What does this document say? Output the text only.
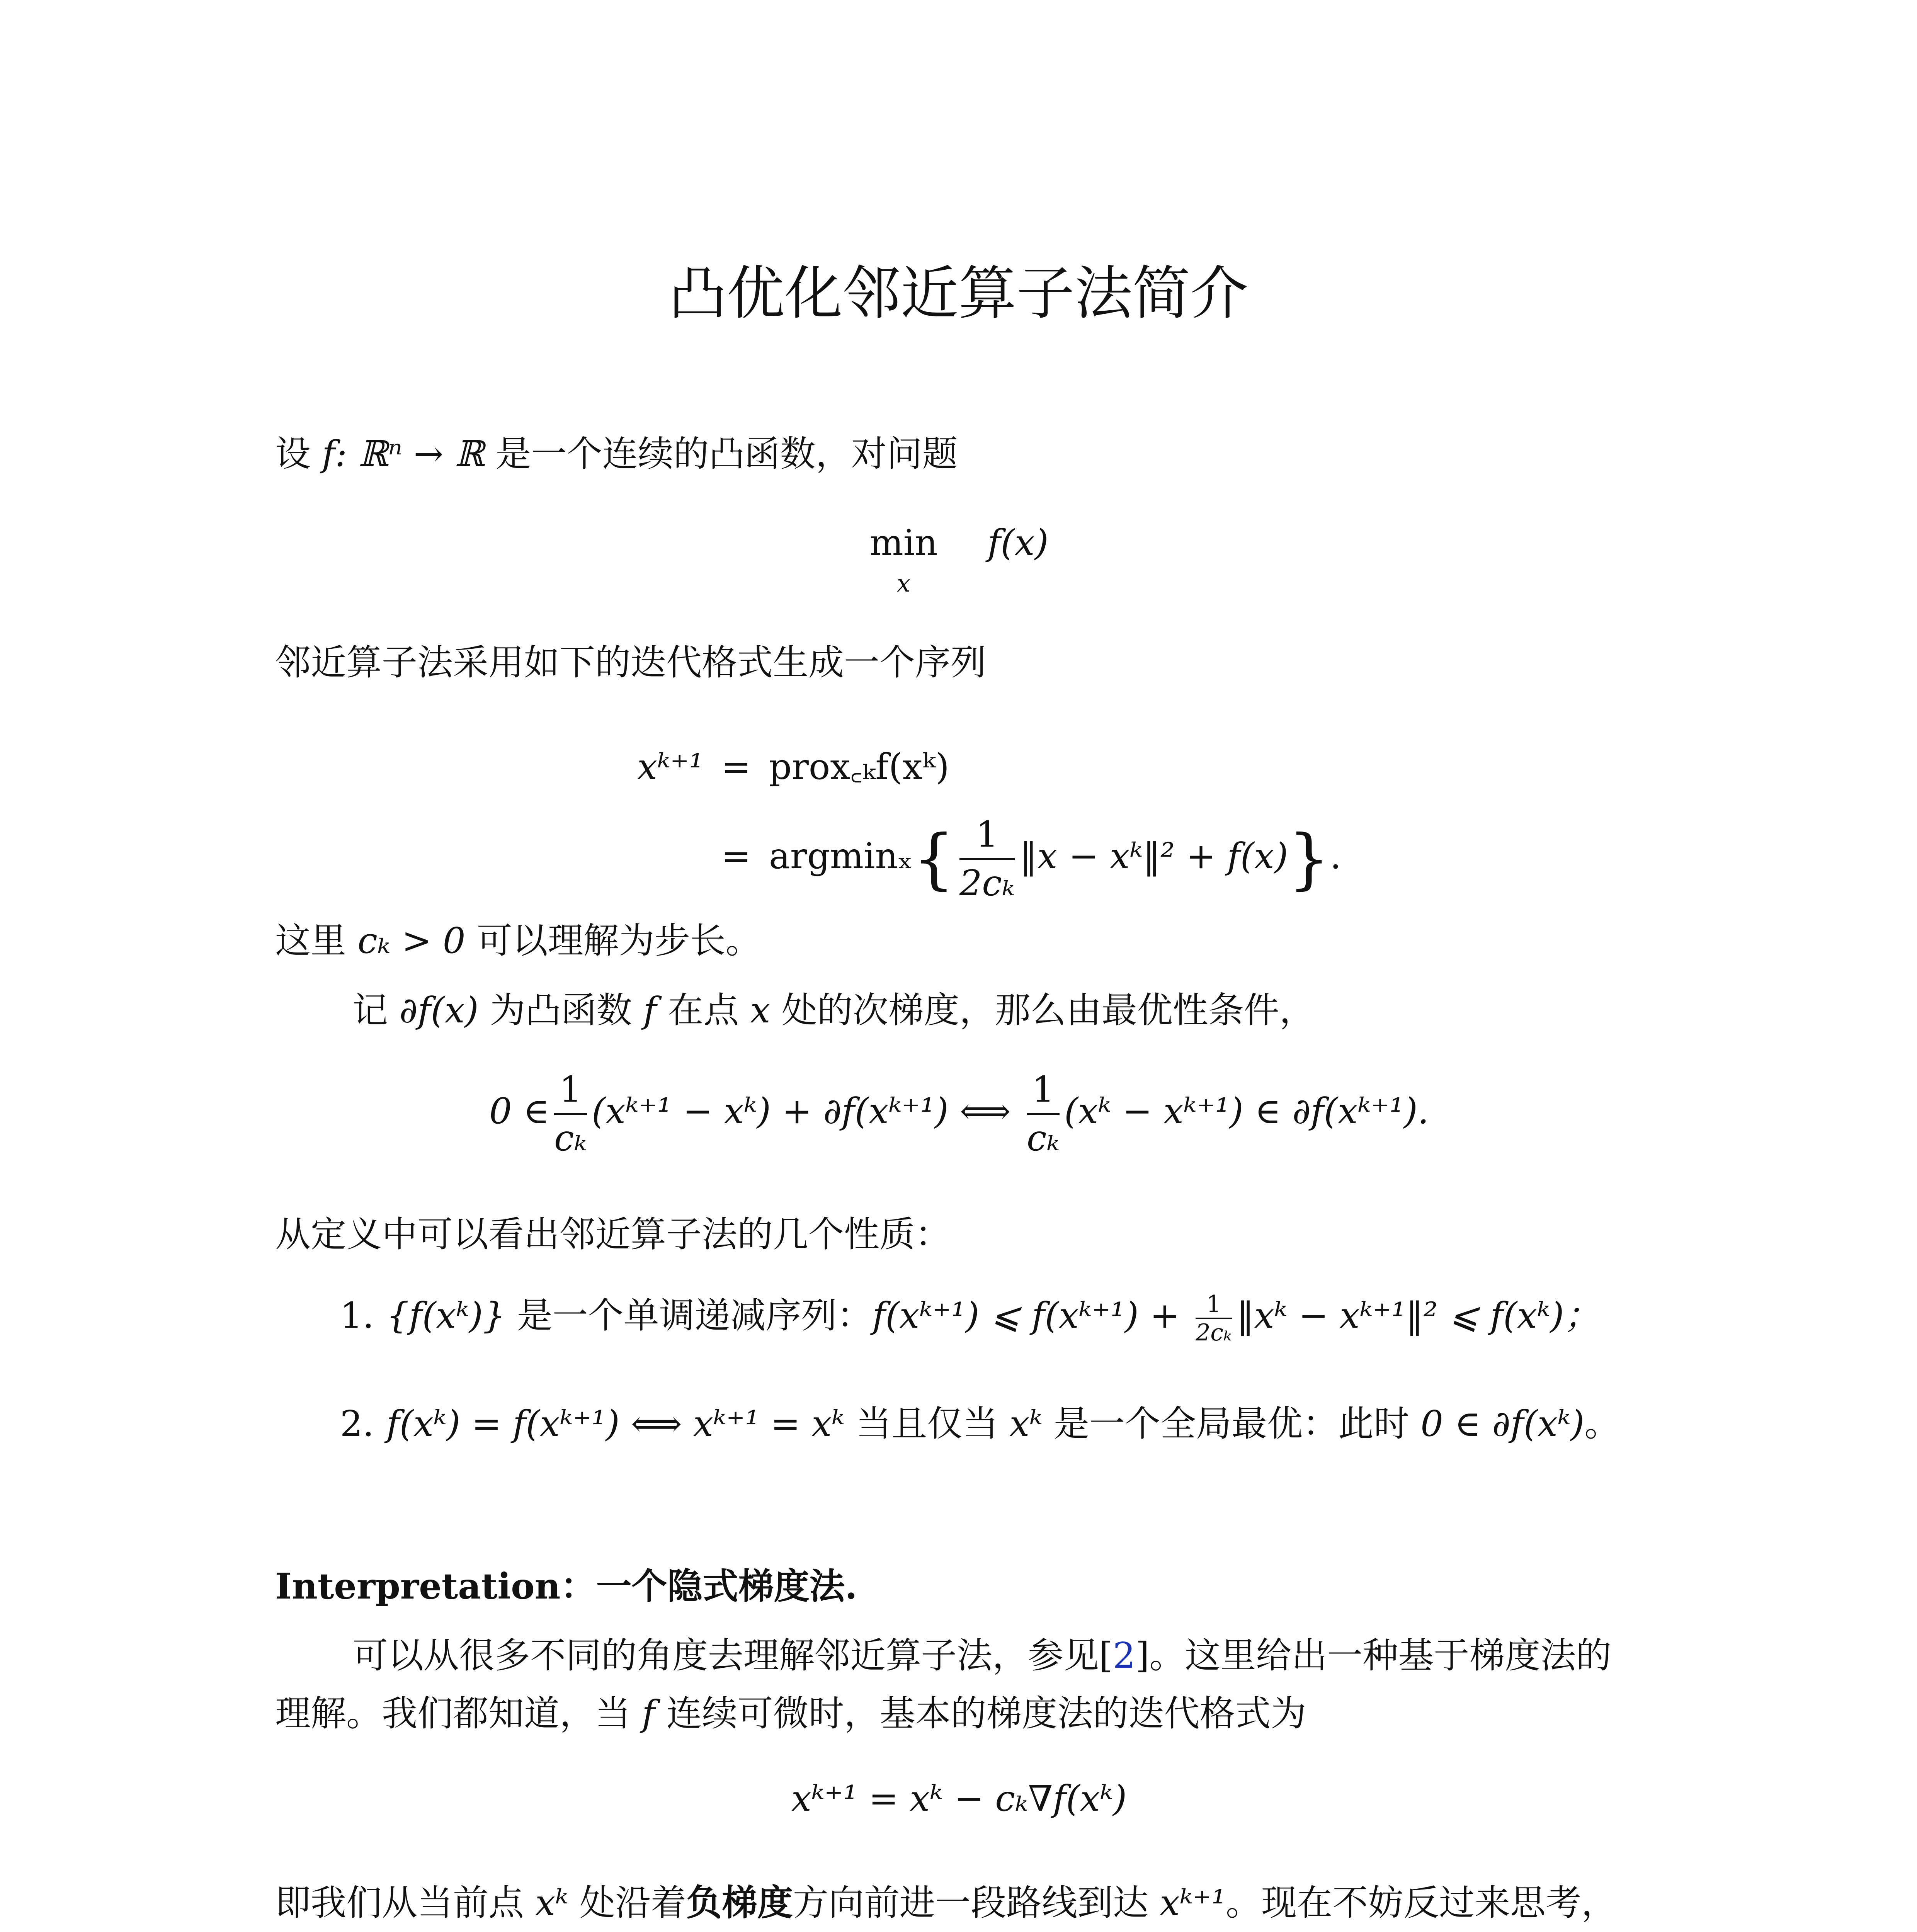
凸优化邻近算子法简介
设 f: ℝⁿ → ℝ 是一个连续的凸函数，对问题
min
x
f(x)
邻近算子法采用如下的迭代格式生成一个序列
xᵏ⁺¹ = prox꜀ₖf(xᵏ)
= $argmin_x\{ \frac{1}{\text{2cₖ}}$ ‖x − xᵏ‖² + f(x)}.
这里 cₖ > 0 可以理解为步长。
记 ∂f(x) 为凸函数 f 在点 x 处的次梯度，那么由最优性条件，
0 ∈ $\frac{1}{\text{cₖ}}$ (xᵏ⁺¹ − xᵏ) + ∂f(xᵏ⁺¹) ⟺ $\frac{1}{\text{cₖ}}$ (xᵏ − xᵏ⁺¹) ∈ ∂f(xᵏ⁺¹).
从定义中可以看出邻近算子法的几个性质：
1. {f(xᵏ)} 是一个单调递减序列：f(xᵏ⁺¹) ⩽ f(xᵏ⁺¹) + $\frac{1}{\text{2cₖ}}$ ‖xᵏ − xᵏ⁺¹‖² ⩽ f(xᵏ)；
2. f(xᵏ) = f(xᵏ⁺¹) ⟺ xᵏ⁺¹ = xᵏ 当且仅当 xᵏ 是一个全局最优：此时 0 ∈ ∂f(xᵏ)。
Interpretation：一个隐式梯度法.
可以从很多不同的角度去理解邻近算子法，参见[2]。这里给出一种基于梯度法的理解。我们都知道，当 f 连续可微时，基本的梯度法的迭代格式为
xᵏ⁺¹ = xᵏ − cₖ∇f(xᵏ)
即我们从当前点 xᵏ 处沿着负梯度方向前进一段路线到达 xᵏ⁺¹。现在不妨反过来思考，
